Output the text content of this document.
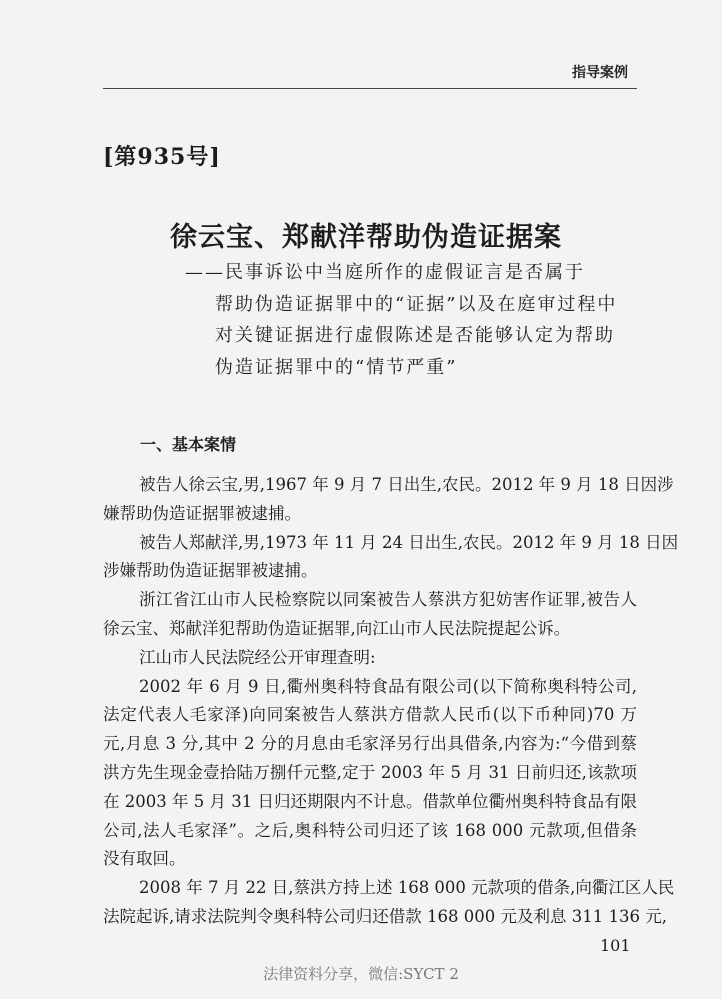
指导案例
[第935号]
徐云宝、郑献洋帮助伪造证据案
——民事诉讼中当庭所作的虚假证言是否属于
帮助伪造证据罪中的“证据”以及在庭审过程中
对关键证据进行虚假陈述是否能够认定为帮助
伪造证据罪中的“情节严重”
一、基本案情
被告人徐云宝,男,1967 年 9 月 7 日出生,农民。2012 年 9 月 18 日因涉
嫌帮助伪造证据罪被逮捕。
被告人郑献洋,男,1973 年 11 月 24 日出生,农民。2012 年 9 月 18 日因
涉嫌帮助伪造证据罪被逮捕。
浙江省江山市人民检察院以同案被告人蔡洪方犯妨害作证罪,被告人
徐云宝、郑献洋犯帮助伪造证据罪,向江山市人民法院提起公诉。
江山市人民法院经公开审理查明:
2002 年 6 月 9 日,衢州奥科特食品有限公司(以下简称奥科特公司,
法定代表人毛家泽)向同案被告人蔡洪方借款人民币(以下币种同)70 万
元,月息 3 分,其中 2 分的月息由毛家泽另行出具借条,内容为:“今借到蔡
洪方先生现金壹拾陆万捌仟元整,定于 2003 年 5 月 31 日前归还,该款项
在 2003 年 5 月 31 日归还期限内不计息。借款单位衢州奥科特食品有限
公司,法人毛家泽”。之后,奥科特公司归还了该 168 000 元款项,但借条
没有取回。
2008 年 7 月 22 日,蔡洪方持上述 168 000 元款项的借条,向衢江区人民
法院起诉,请求法院判令奥科特公司归还借款 168 000 元及利息 311 136 元,
101
法律资料分享，微信:SYCT 2
